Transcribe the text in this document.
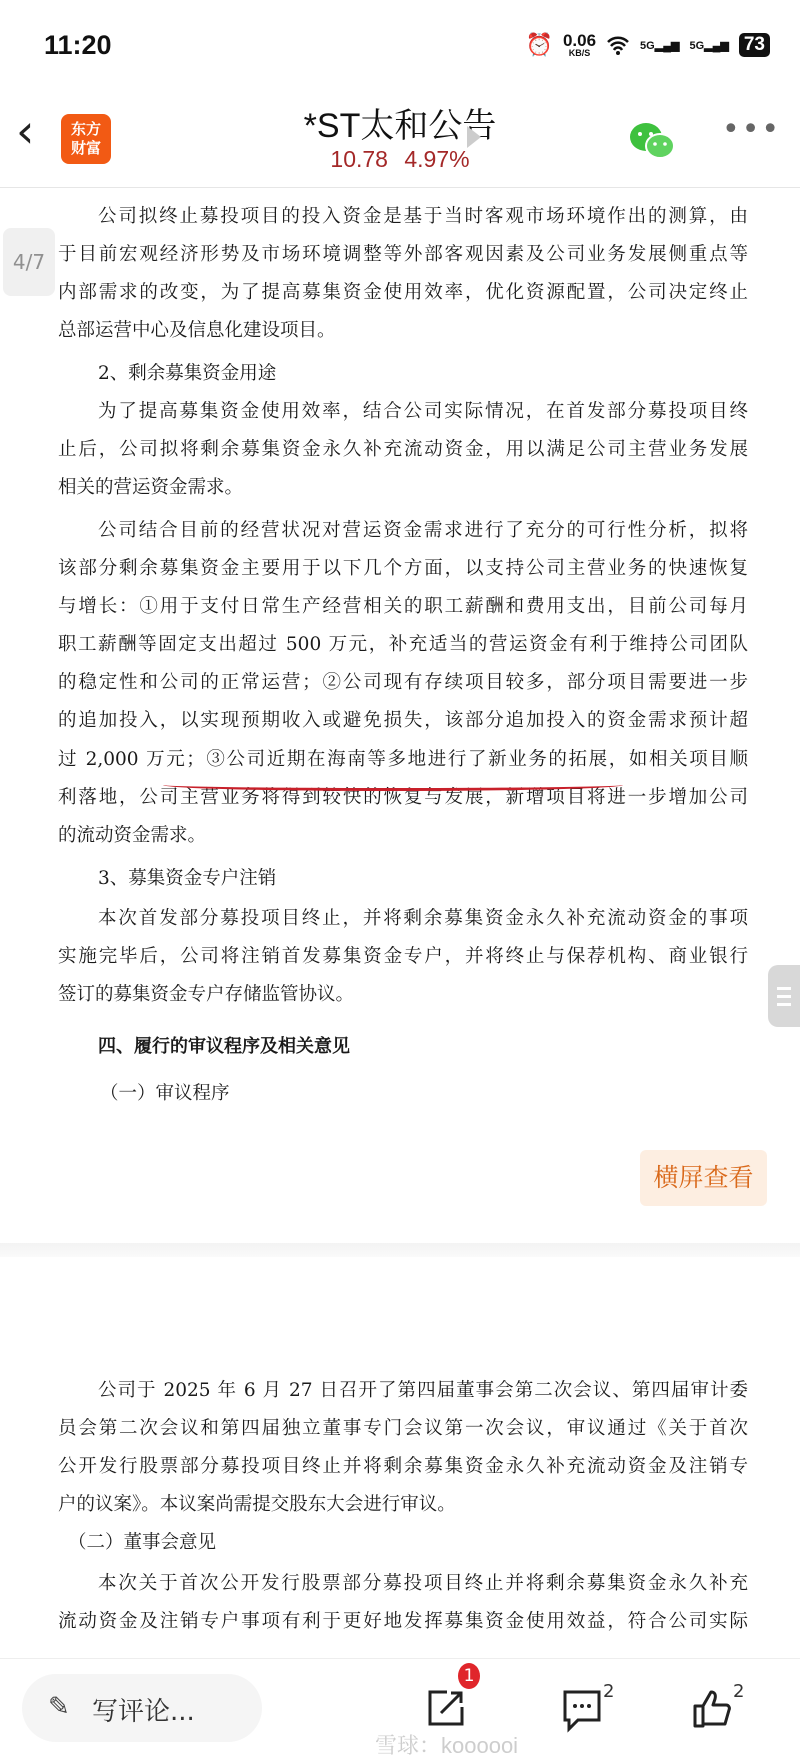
11:20	⏰ 0.06
KB/S
5G▂▄▆ 5G▂▄▆ 73
‹	东方
财富
*ST太和公告
10.78 4.97%
•••
公司拟终止募投项目的投入资金是基于当时客观市场环境作出的测算，由
于目前宏观经济形势及市场环境调整等外部客观因素及公司业务发展侧重点等
内部需求的改变，为了提高募集资金使用效率，优化资源配置，公司决定终止
总部运营中心及信息化建设项目。
2、剩余募集资金用途
为了提高募集资金使用效率，结合公司实际情况，在首发部分募投项目终
止后，公司拟将剩余募集资金永久补充流动资金，用以满足公司主营业务发展
相关的营运资金需求。
公司结合目前的经营状况对营运资金需求进行了充分的可行性分析，拟将
该部分剩余募集资金主要用于以下几个方面，以支持公司主营业务的快速恢复
与增长：①用于支付日常生产经营相关的职工薪酬和费用支出，目前公司每月
职工薪酬等固定支出超过 500 万元，补充适当的营运资金有利于维持公司团队
的稳定性和公司的正常运营；②公司现有存续项目较多，部分项目需要进一步
的追加投入，以实现预期收入或避免损失，该部分追加投入的资金需求预计超
过 2,000 万元；③公司近期在海南等多地进行了新业务的拓展，如相关项目顺
利落地，公司主营业务将得到较快的恢复与发展，新增项目将进一步增加公司
的流动资金需求。
3、募集资金专户注销
本次首发部分募投项目终止，并将剩余募集资金永久补充流动资金的事项
实施完毕后，公司将注销首发募集资金专户，并将终止与保荐机构、商业银行
签订的募集资金专户存储监管协议。
四、履行的审议程序及相关意见
（一）审议程序
4/7
横屏查看
公司于 2025 年 6 月 27 日召开了第四届董事会第二次会议、第四届审计委
员会第二次会议和第四届独立董事专门会议第一次会议，审议通过《关于首次
公开发行股票部分募投项目终止并将剩余募集资金永久补充流动资金及注销专
户的议案》。本议案尚需提交股东大会进行审议。
（二）董事会意见
本次关于首次公开发行股票部分募投项目终止并将剩余募集资金永久补充
流动资金及注销专户事项有利于更好地发挥募集资金使用效益，符合公司实际
✎ 写评论...
1
2	2
雪球：koooooi
